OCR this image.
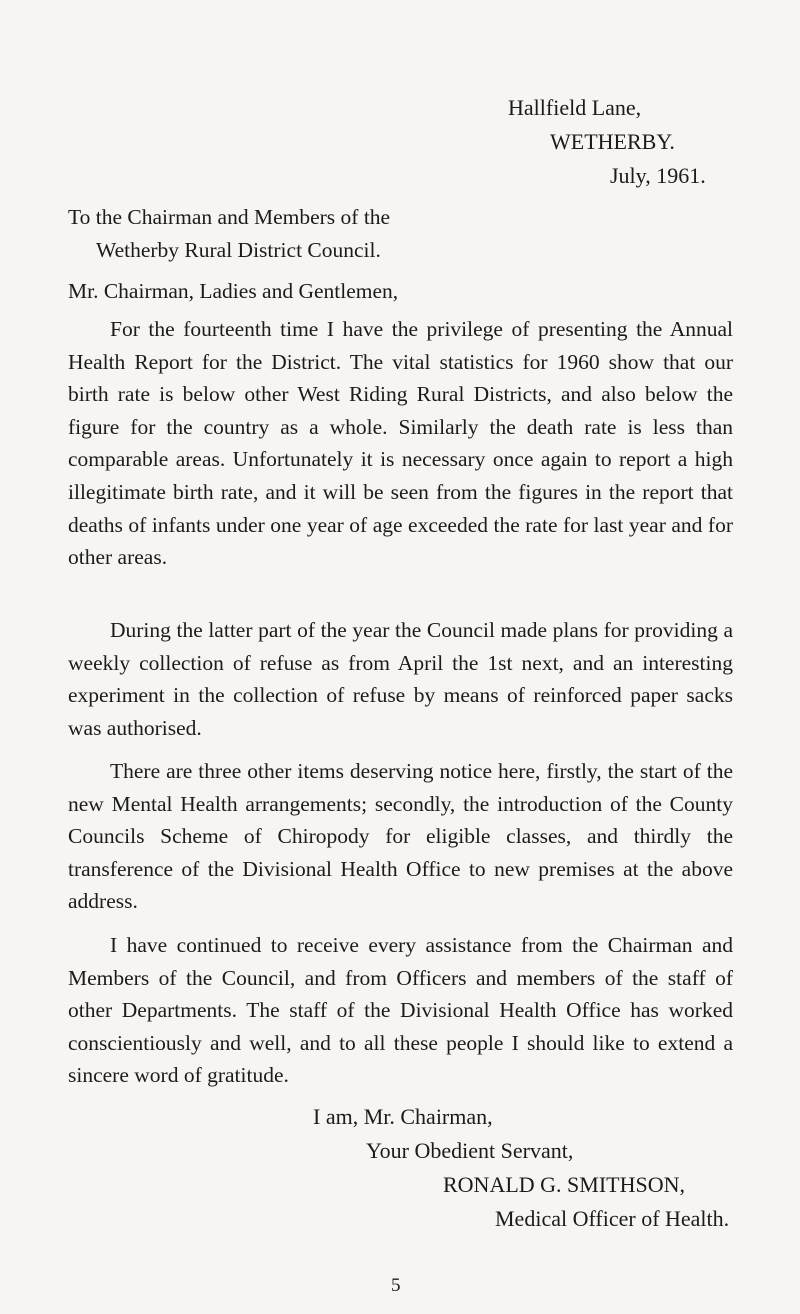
Hallfield Lane,
WETHERBY.
July, 1961.
To the Chairman and Members of the
Wetherby Rural District Council.
Mr. Chairman, Ladies and Gentlemen,

For the fourteenth time I have the privilege of presenting the Annual Health Report for the District. The vital statistics for 1960 show that our birth rate is below other West Riding Rural Districts, and also below the figure for the country as a whole. Similarly the death rate is less than comparable areas. Unfortunately it is necessary once again to report a high illegitimate birth rate, and it will be seen from the figures in the report that deaths of infants under one year of age exceeded the rate for last year and for other areas.

During the latter part of the year the Council made plans for providing a weekly collection of refuse as from April the 1st next, and an interesting experiment in the collection of refuse by means of reinforced paper sacks was authorised.

There are three other items deserving notice here, firstly, the start of the new Mental Health arrangements; secondly, the introduction of the County Councils Scheme of Chiropody for eligible classes, and thirdly the transference of the Divisional Health Office to new premises at the above address.

I have continued to receive every assistance from the Chairman and Members of the Council, and from Officers and members of the staff of other Departments. The staff of the Divisional Health Office has worked conscientiously and well, and to all these people I should like to extend a sincere word of gratitude.

I am, Mr. Chairman,
Your Obedient Servant,
RONALD G. SMITHSON,
Medical Officer of Health.
5
